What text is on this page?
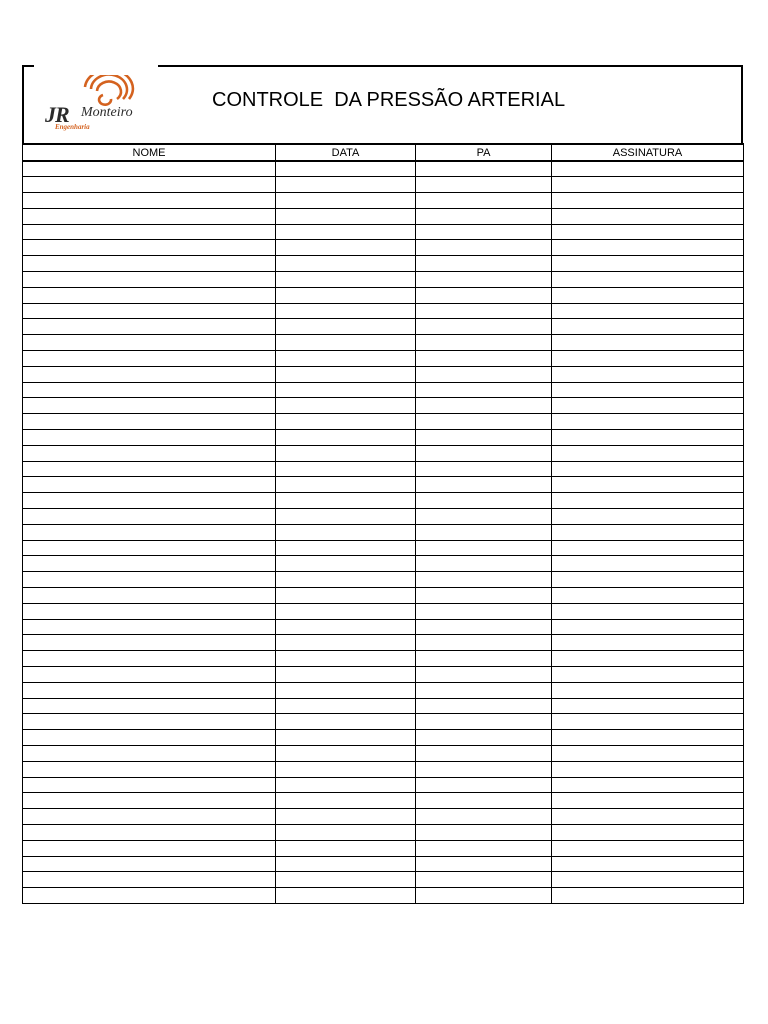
JR Monteiro
Engenharia
CONTROLE  DA PRESSÃO ARTERIAL
NOME	DATA	PA	ASSINATURA
